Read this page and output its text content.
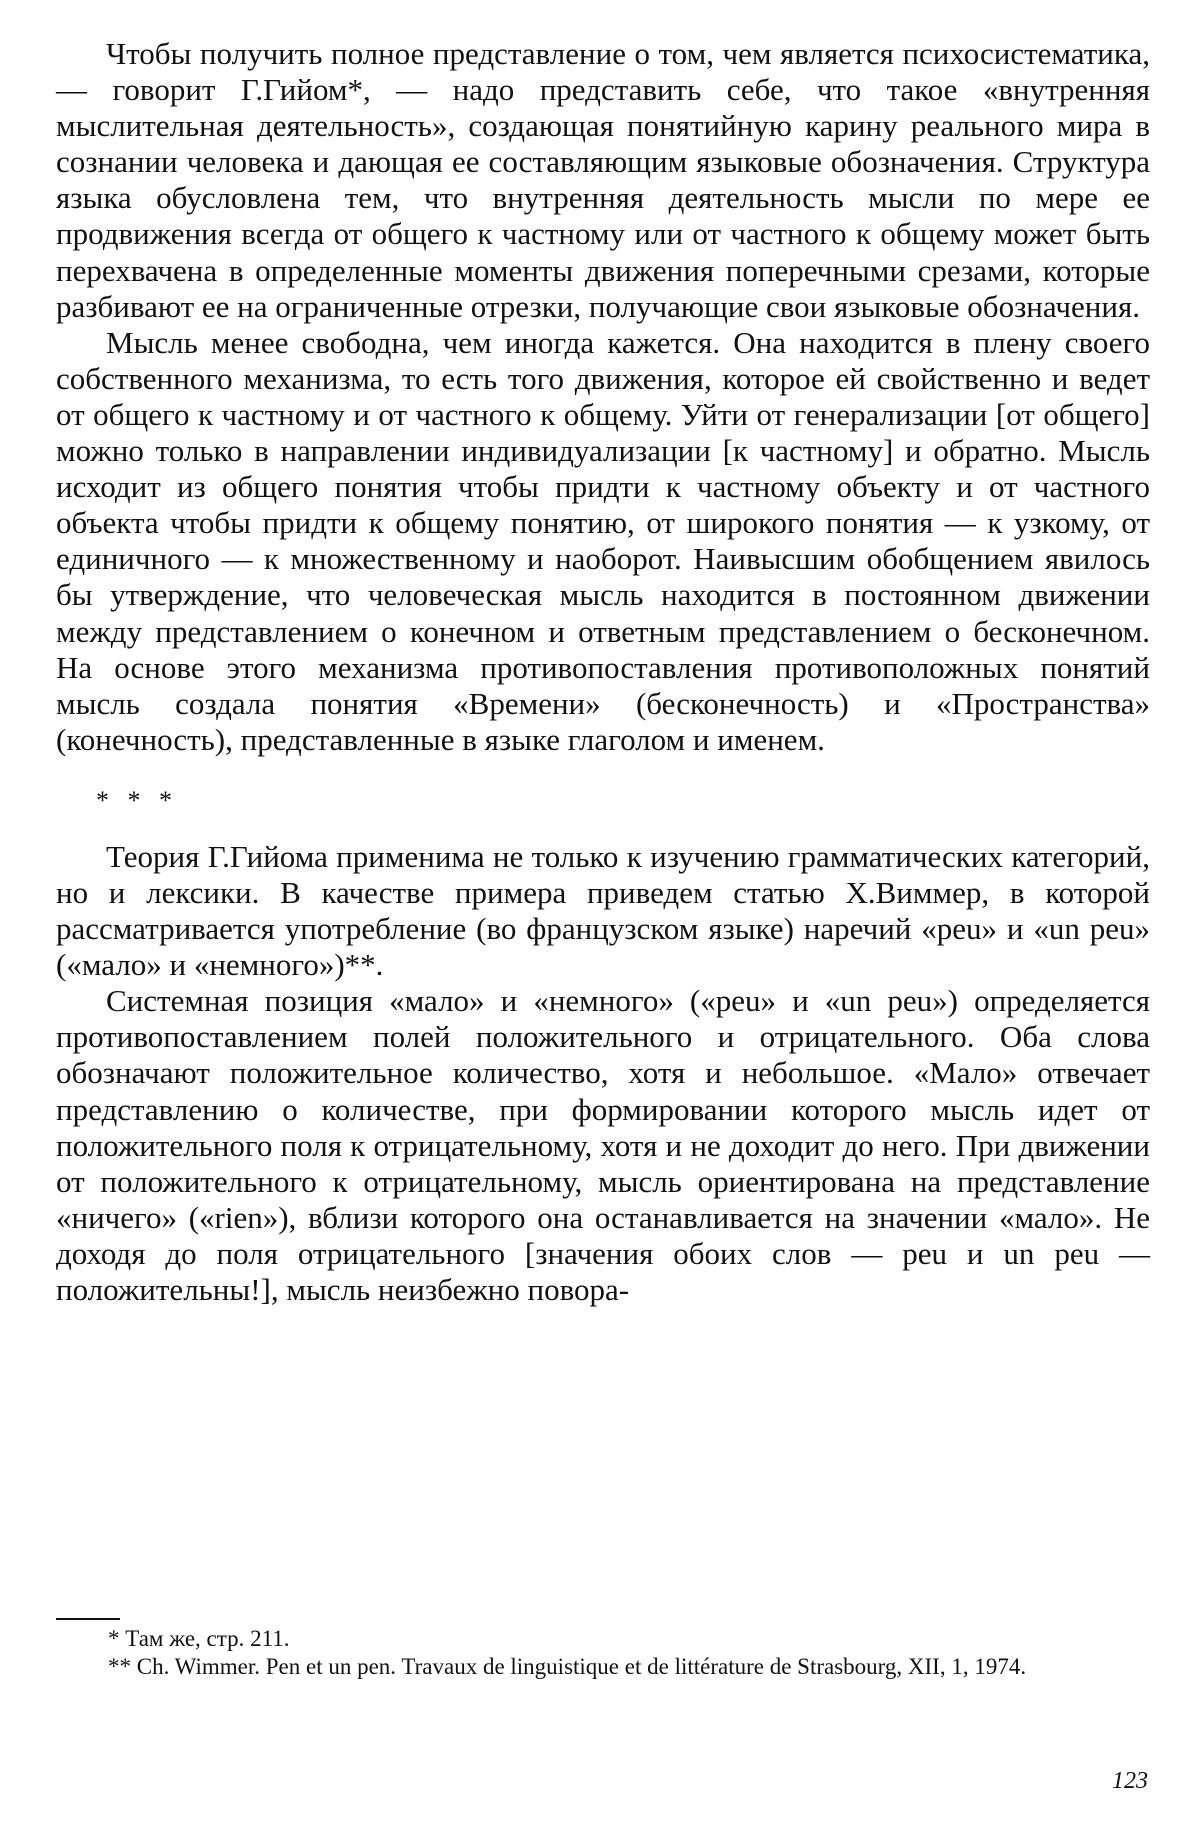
Чтобы получить полное представление о том, чем является психосистематика, — говорит Г.Гийом*, — надо представить себе, что такое «внутренняя мыслительная деятельность», создающая понятийную карину реального мира в сознании человека и дающая ее составляющим языковые обозначения. Структура языка обусловлена тем, что внутренняя деятельность мысли по мере ее продвижения всегда от общего к частному или от частного к общему может быть перехвачена в определенные моменты движения поперечными срезами, которые разбивают ее на ограниченные отрезки, получающие свои языковые обозначения.

Мысль менее свободна, чем иногда кажется. Она находится в плену своего собственного механизма, то есть того движения, которое ей свойственно и ведет от общего к частному и от частного к общему. Уйти от генерализации [от общего] можно только в направлении индивидуализации [к частному] и обратно. Мысль исходит из общего понятия чтобы придти к частному объекту и от частного объекта чтобы придти к общему понятию, от широкого понятия — к узкому, от единичного — к множественному и наоборот. Наивысшим обобщением явилось бы утверждение, что человеческая мысль находится в постоянном движении между представлением о конечном и ответным представлением о бесконечном. На основе этого механизма противопоставления противоположных понятий мысль создала понятия «Времени» (бесконечность) и «Пространства» (конечность), представленные в языке глаголом и именем.

* * *

Теория Г.Гийома применима не только к изучению грамматических категорий, но и лексики. В качестве примера приведем статью Х.Виммер, в которой рассматривается употребление (во французском языке) наречий «peu» и «un peu» («мало» и «немного»)**.

Системная позиция «мало» и «немного» («peu» и «un peu») определяется противопоставлением полей положительного и отрицательного. Оба слова обозначают положительное количество, хотя и небольшое. «Мало» отвечает представлению о количестве, при формировании которого мысль идет от положительного поля к отрицательному, хотя и не доходит до него. При движении от положительного к отрицательному, мысль ориентирована на представление «ничего» («rien»), вблизи которого она останавливается на значении «мало». Не доходя до поля отрицательного [значения обоих слов — peu и un peu — положительны!], мысль неизбежно повора-

* Там же, стр. 211.

** Ch. Wimmer. Pen et un pen. Travaux de linguistique et de littérature de Strasbourg, XII, 1, 1974.

123
